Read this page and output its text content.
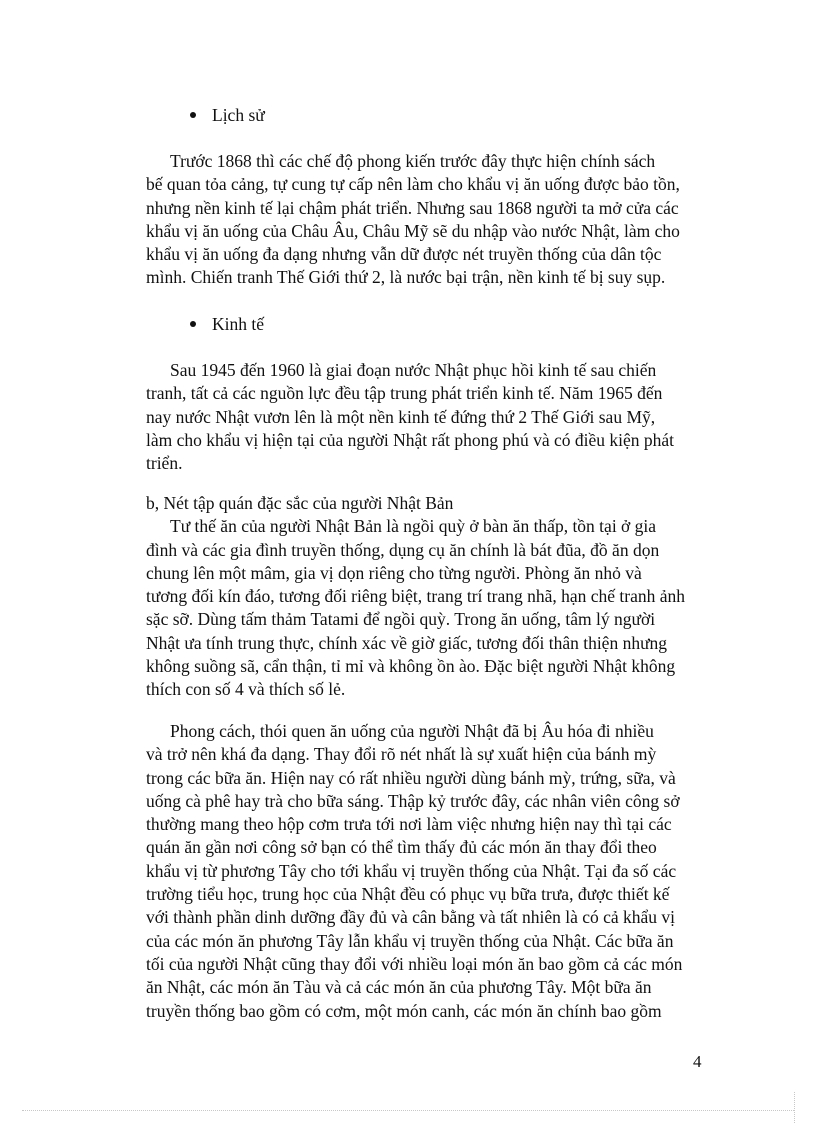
Lịch sử
Trước 1868 thì các chế độ phong kiến trước đây thực hiện chính sách
bế quan tỏa cảng, tự cung tự cấp nên làm cho khẩu vị ăn uống được bảo tồn,
nhưng nền kinh tế lại chậm phát triển. Nhưng sau 1868 người ta mở cửa các
khẩu vị ăn uống của Châu Âu, Châu Mỹ sẽ du nhập vào nước Nhật, làm cho
khẩu vị ăn uống đa dạng nhưng vẫn dữ được nét truyền thống của dân tộc
mình. Chiến tranh Thế Giới thứ 2, là nước bại trận, nền kinh tế bị suy sụp.
Kinh tế
Sau 1945 đến 1960 là giai đoạn nước Nhật phục hồi kinh tế sau chiến
tranh, tất cả các nguồn lực đều tập trung phát triển kinh tế. Năm 1965 đến
nay nước Nhật vươn lên là một nền kinh tế đứng thứ 2 Thế Giới sau Mỹ,
làm cho khẩu vị hiện tại của người Nhật rất phong phú và có điều kiện phát
triển.
b, Nét tập quán đặc sắc của người Nhật Bản
Tư thế ăn của người Nhật Bản là ngồi quỳ ở bàn ăn thấp, tồn tại ở gia
đình và các gia đình truyền thống, dụng cụ ăn chính là bát đũa, đồ ăn dọn
chung lên một mâm, gia vị dọn riêng cho từng người. Phòng ăn nhỏ và
tương đối kín đáo, tương đối riêng biệt, trang trí trang nhã, hạn chế tranh ảnh
sặc sỡ. Dùng tấm thảm Tatami để ngồi quỳ. Trong ăn uống, tâm lý người
Nhật ưa tính trung thực, chính xác về giờ giấc, tương đối thân thiện nhưng
không suồng sã, cẩn thận, tỉ mỉ và không ồn ào. Đặc biệt người Nhật không
thích con số 4 và thích số lẻ.
Phong cách, thói quen ăn uống của người Nhật đã bị Âu hóa đi nhiều
và trở nên khá đa dạng. Thay đổi rõ nét nhất là sự xuất hiện của bánh mỳ
trong các bữa ăn. Hiện nay có rất nhiều người dùng bánh mỳ, trứng, sữa, và
uống cà phê hay trà cho bữa sáng. Thập kỷ trước đây, các nhân viên công sở
thường mang theo hộp cơm trưa tới nơi làm việc nhưng hiện nay thì tại các
quán ăn gần nơi công sở bạn có thể tìm thấy đủ các món ăn thay đổi theo
khẩu vị từ phương Tây cho tới khẩu vị truyền thống của Nhật. Tại đa số các
trường tiểu học, trung học của Nhật đều có phục vụ bữa trưa, được thiết kế
với thành phần dinh dưỡng đầy đủ và cân bằng và tất nhiên là có cả khẩu vị
của các món ăn phương Tây lẫn khẩu vị truyền thống của Nhật. Các bữa ăn
tối của người Nhật cũng thay đổi với nhiều loại món ăn bao gồm cả các món
ăn Nhật, các món ăn Tàu và cả các món ăn của phương Tây. Một bữa ăn
truyền thống bao gồm có cơm, một món canh, các món ăn chính bao gồm
4
